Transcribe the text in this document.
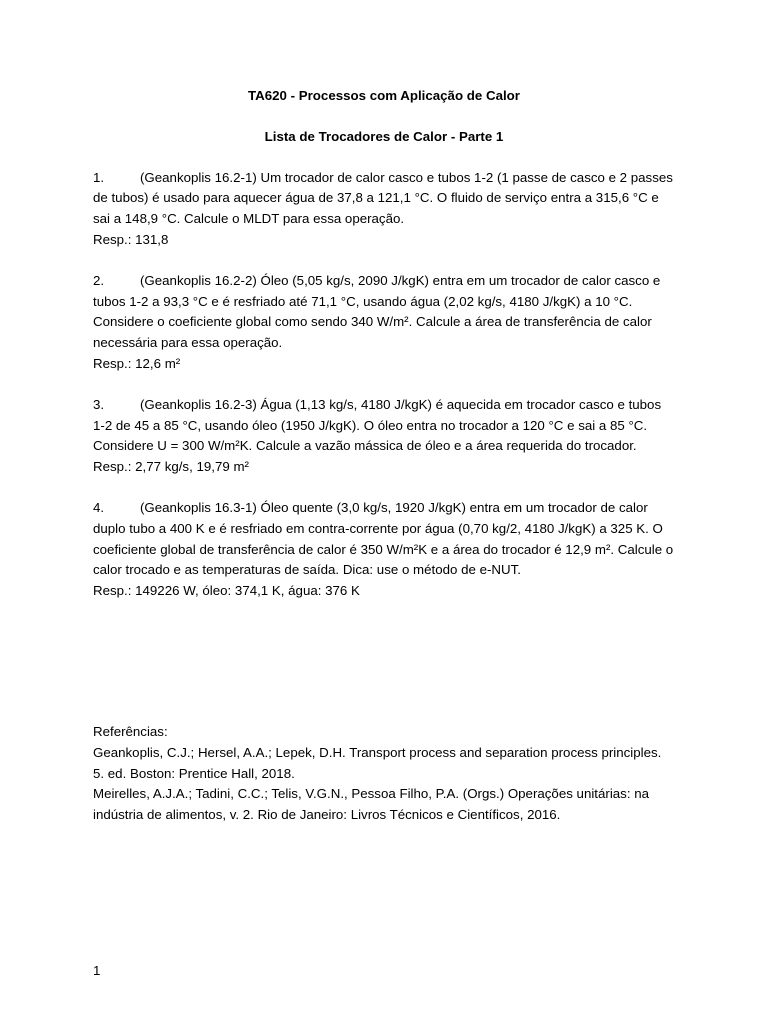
TA620 - Processos com Aplicação de Calor

Lista de Trocadores de Calor - Parte 1

1.	(Geankoplis 16.2-1) Um trocador de calor casco e tubos 1-2 (1 passe de casco e 2 passes de tubos) é usado para aquecer água de 37,8 a 121,1 °C. O fluido de serviço entra a 315,6 °C e sai a 148,9 °C. Calcule o MLDT para essa operação.

Resp.: 131,8

2.	(Geankoplis 16.2-2) Óleo (5,05 kg/s, 2090 J/kgK) entra em um trocador de calor casco e tubos 1-2 a 93,3 °C e é resfriado até 71,1 °C, usando água (2,02 kg/s, 4180 J/kgK) a 10 °C. Considere o coeficiente global como sendo 340 W/m². Calcule a área de transferência de calor necessária para essa operação.

Resp.: 12,6 m²

3.	(Geankoplis 16.2-3) Água (1,13 kg/s, 4180 J/kgK) é aquecida em trocador casco e tubos 1-2 de 45 a 85 °C, usando óleo (1950 J/kgK). O óleo entra no trocador a 120 °C e sai a 85 °C. Considere U = 300 W/m²K. Calcule a vazão mássica de óleo e a área requerida do trocador.

Resp.: 2,77 kg/s, 19,79 m²

4.	(Geankoplis 16.3-1) Óleo quente (3,0 kg/s, 1920 J/kgK) entra em um trocador de calor duplo tubo a 400 K e é resfriado em contra-corrente por água (0,70 kg/2, 4180 J/kgK) a 325 K. O coeficiente global de transferência de calor é 350 W/m²K e a área do trocador é 12,9 m². Calcule o calor trocado e as temperaturas de saída. Dica: use o método de e-NUT.

Resp.: 149226 W, óleo: 374,1 K, água: 376 K

Referências:

Geankoplis, C.J.; Hersel, A.A.; Lepek, D.H. Transport process and separation process principles. 5. ed. Boston: Prentice Hall, 2018.

Meirelles, A.J.A.; Tadini, C.C.; Telis, V.G.N., Pessoa Filho, P.A. (Orgs.) Operações unitárias: na indústria de alimentos, v. 2. Rio de Janeiro: Livros Técnicos e Científicos, 2016.

1
